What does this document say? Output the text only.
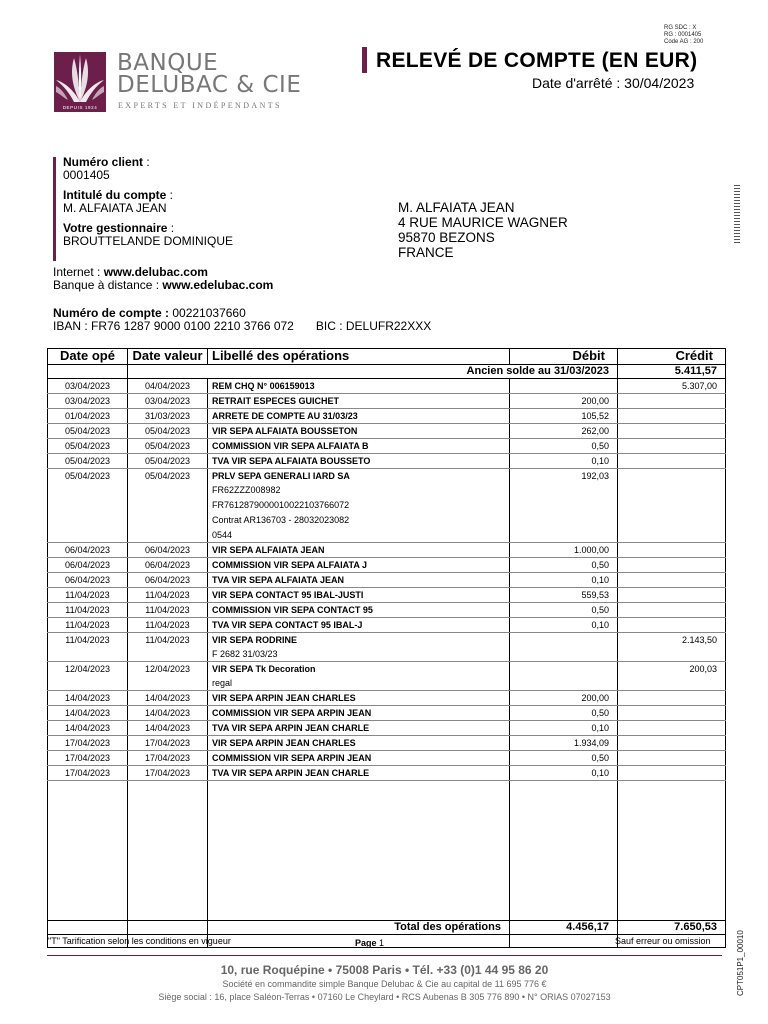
RG SDC : X
RG : 0001405
Code AG : 200
DEPUIS 1924
BANQUE
DELUBAC & CIE
EXPERTS ET INDÉPENDANTS
RELEVÉ DE COMPTE (EN EUR)
Date d'arrêté : 30/04/2023
Numéro client :
0001405
Intitulé du compte :
M. ALFAIATA JEAN
Votre gestionnaire :
BROUTTELANDE DOMINIQUE
M. ALFAIATA JEAN
4 RUE MAURICE WAGNER
95870 BEZONS
FRANCE
Internet : www.delubac.com
Banque à distance : www.edelubac.com
Numéro de compte : 00221037660
IBAN : FR76 1287 9000 0100 2210 3766 072 BIC : DELUFR22XXX
Date opé	Date valeur	Libellé des opérations	Débit	Crédit
	Ancien solde au 31/03/2023			5.411,57
03/04/2023	04/04/2023	REM CHQ N° 006159013		5.307,00
03/04/2023	03/04/2023	RETRAIT ESPECES GUICHET	200,00	
01/04/2023	31/03/2023	ARRETE DE COMPTE AU 31/03/23	105,52	
05/04/2023	05/04/2023	VIR SEPA ALFAIATA BOUSSETON	262,00	
05/04/2023	05/04/2023	COMMISSION VIR SEPA ALFAIATA B	0,50	
05/04/2023	05/04/2023	TVA VIR SEPA ALFAIATA BOUSSETO	0,10	
05/04/2023	05/04/2023	PRLV SEPA GENERALI IARD SA
FR62ZZZ008982
FR7612879000010022103766072
Contrat AR136703 - 28032023082
0544	192,03	
06/04/2023	06/04/2023	VIR SEPA ALFAIATA JEAN	1.000,00	
06/04/2023	06/04/2023	COMMISSION VIR SEPA ALFAIATA J	0,50	
06/04/2023	06/04/2023	TVA VIR SEPA ALFAIATA JEAN	0,10	
11/04/2023	11/04/2023	VIR SEPA CONTACT 95 IBAL-JUSTI	559,53	
11/04/2023	11/04/2023	COMMISSION VIR SEPA CONTACT 95	0,50	
11/04/2023	11/04/2023	TVA VIR SEPA CONTACT 95 IBAL-J	0,10	
11/04/2023	11/04/2023	VIR SEPA RODRINE
F 2682 31/03/23		2.143,50
12/04/2023	12/04/2023	VIR SEPA Tk Decoration
regal		200,03
14/04/2023	14/04/2023	VIR SEPA ARPIN JEAN CHARLES	200,00	
14/04/2023	14/04/2023	COMMISSION VIR SEPA ARPIN JEAN	0,50	
14/04/2023	14/04/2023	TVA VIR SEPA ARPIN JEAN CHARLE	0,10	
17/04/2023	17/04/2023	VIR SEPA ARPIN JEAN CHARLES	1.934,09	
17/04/2023	17/04/2023	COMMISSION VIR SEPA ARPIN JEAN	0,50	
17/04/2023	17/04/2023	TVA VIR SEPA ARPIN JEAN CHARLE	0,10	

		Total des opérations	4.456,17	7.650,53

"T" Tarification selon les conditions en vigueur	Page 1	Sauf erreur ou omission
10, rue Roquépine • 75008 Paris • Tél. +33 (0)1 44 95 86 20
Société en commandite simple Banque Delubac & Cie au capital de 11 695 776 €
Siège social : 16, place Saléon-Terras • 07160 Le Cheylard • RCS Aubenas B 305 776 890 • N° ORIAS 07027153
CPT051P1_00010
